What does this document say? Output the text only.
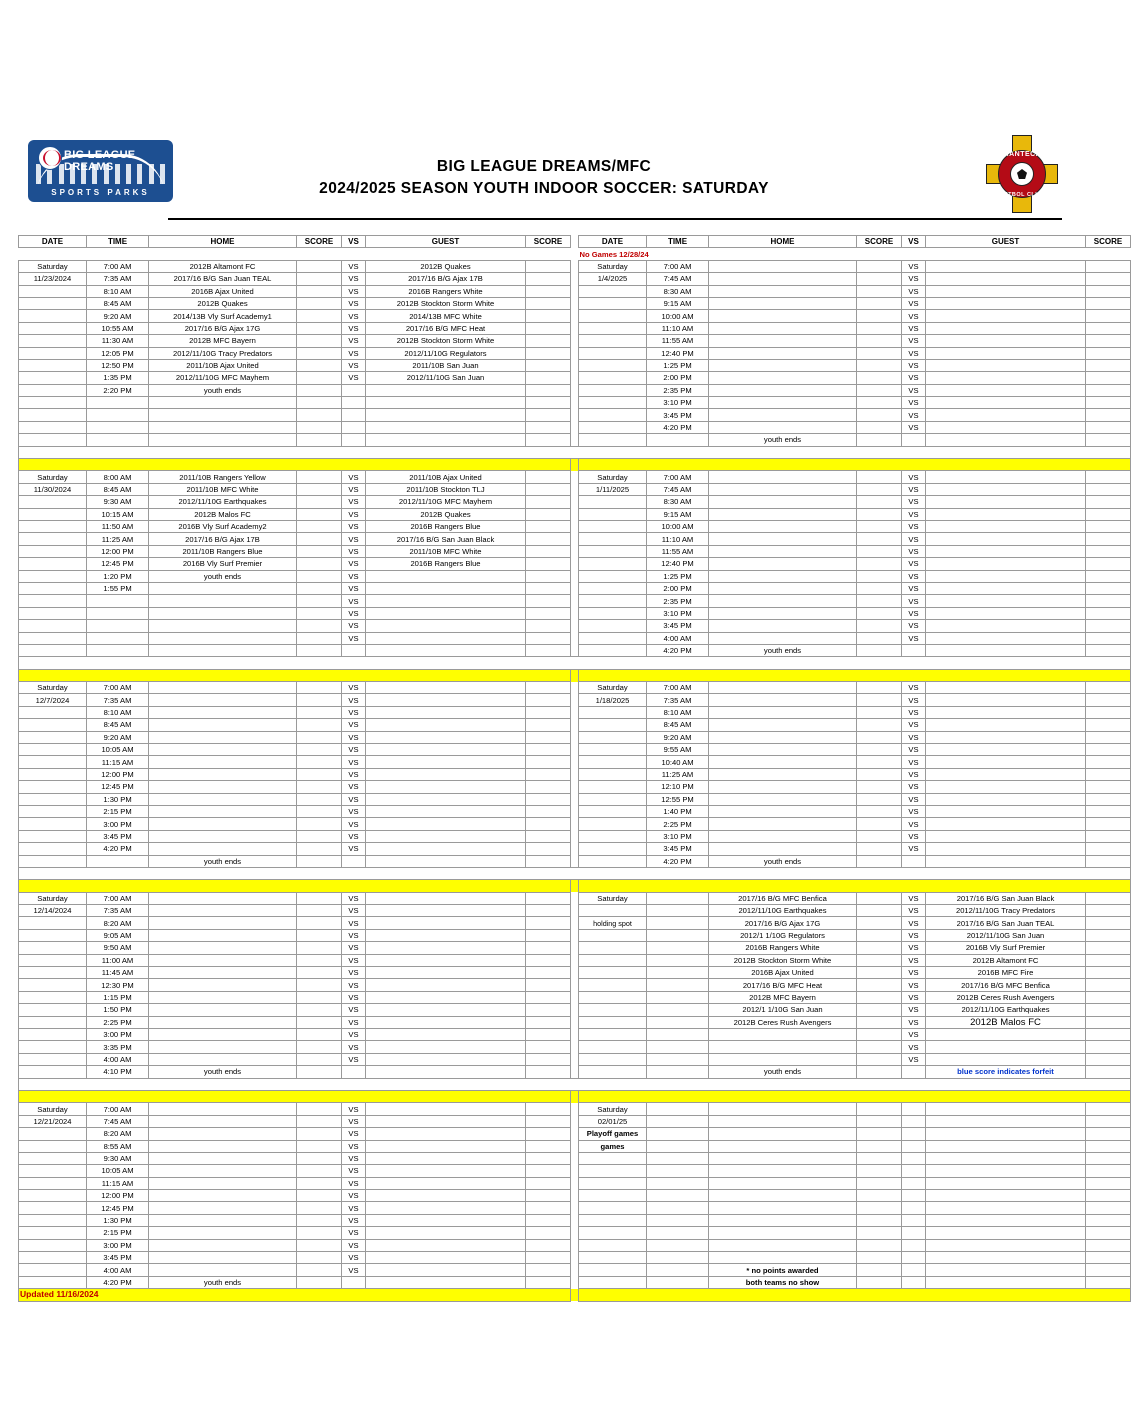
BIG LEAGUE DREAMS
SPORTS PARKS
BIG LEAGUE DREAMS/MFC
2024/2025 SEASON YOUTH INDOOR SOCCER: SATURDAY
MANTECA
FUTBOL CLUB
DATE	TIME	HOME	SCORE	VS	GUEST	SCORE		DATE	TIME	HOME	SCORE	VS	GUEST	SCORE
								No Games 12/28/24						
Saturday	7:00 AM	2012B Altamont FC		VS	2012B Quakes			Saturday	7:00 AM			VS		
11/23/2024	7:35 AM	2017/16 B/G San Juan TEAL		VS	2017/16 B/G Ajax 17B			1/4/2025	7:45 AM			VS		
	8:10 AM	2016B Ajax United		VS	2016B Rangers White				8:30 AM			VS		
	8:45 AM	2012B Quakes		VS	2012B Stockton Storm White				9:15 AM			VS		
	9:20 AM	2014/13B Vly Surf Academy1		VS	2014/13B MFC White				10:00 AM			VS		
	10:55 AM	2017/16 B/G Ajax 17G		VS	2017/16 B/G MFC Heat				11:10 AM			VS		
	11:30 AM	2012B MFC Bayern		VS	2012B Stockton Storm White				11:55 AM			VS		
	12:05 PM	2012/11/10G Tracy Predators		VS	2012/11/10G Regulators				12:40 PM			VS		
	12:50 PM	2011/10B Ajax United		VS	2011/10B San Juan				1:25 PM			VS		
	1:35 PM	2012/11/10G MFC Mayhem		VS	2012/11/10G San Juan				2:00 PM			VS		
	2:20 PM	youth ends							2:35 PM			VS		
									3:10 PM			VS		
									3:45 PM			VS		
									4:20 PM			VS		
										youth ends				

Saturday	8:00 AM	2011/10B Rangers Yellow		VS	2011/10B Ajax United			Saturday	7:00 AM			VS		
11/30/2024	8:45 AM	2011/10B MFC White		VS	2011/10B Stockton TLJ			1/11/2025	7:45 AM			VS		
	9:30 AM	2012/11/10G Earthquakes		VS	2012/11/10G MFC Mayhem				8:30 AM			VS		
	10:15 AM	2012B Malos FC		VS	2012B Quakes				9:15 AM			VS		
	11:50 AM	2016B Vly Surf Academy2		VS	2016B Rangers Blue				10:00 AM			VS		
	11:25 AM	2017/16 B/G Ajax 17B		VS	2017/16 B/G San Juan Black				11:10 AM			VS		
	12:00 PM	2011/10B Rangers Blue		VS	2011/10B MFC White				11:55 AM			VS		
	12:45 PM	2016B Vly Surf Premier		VS	2016B Rangers Blue				12:40 PM			VS		
	1:20 PM	youth ends		VS					1:25 PM			VS		
	1:55 PM			VS					2:00 PM			VS		
				VS					2:35 PM			VS		
				VS					3:10 PM			VS		
				VS					3:45 PM			VS		
				VS					4:00 AM			VS		
									4:20 PM	youth ends				

Saturday	7:00 AM			VS				Saturday	7:00 AM			VS		
12/7/2024	7:35 AM			VS				1/18/2025	7:35 AM			VS		
	8:10 AM			VS					8:10 AM			VS		
	8:45 AM			VS					8:45 AM			VS		
	9:20 AM			VS					9:20 AM			VS		
	10:05 AM			VS					9:55 AM			VS		
	11:15 AM			VS					10:40 AM			VS		
	12:00 PM			VS					11:25 AM			VS		
	12:45 PM			VS					12:10 PM			VS		
	1:30 PM			VS					12:55 PM			VS		
	2:15 PM			VS					1:40 PM			VS		
	3:00 PM			VS					2:25 PM			VS		
	3:45 PM			VS					3:10 PM			VS		
	4:20 PM			VS					3:45 PM			VS		
		youth ends							4:20 PM	youth ends				

Saturday	7:00 AM			VS				Saturday		2017/16 B/G MFC Benfica		VS	2017/16 B/G San Juan Black	
12/14/2024	7:35 AM			VS						2012/11/10G Earthquakes		VS	2012/11/10G Tracy Predators	
	8:20 AM			VS				holding spot		2017/16 B/G Ajax 17G		VS	2017/16 B/G San Juan TEAL	
	9:05 AM			VS						2012/1 1/10G Regulators		VS	2012/11/10G San Juan	
	9:50 AM			VS						2016B Rangers White		VS	2016B Vly Surf Premier	
	11:00 AM			VS						2012B Stockton Storm White		VS	2012B Altamont FC	
	11:45 AM			VS						2016B Ajax United		VS	2016B MFC Fire	
	12:30 PM			VS						2017/16 B/G MFC Heat		VS	2017/16 B/G MFC Benfica	
	1:15 PM			VS						2012B MFC Bayern		VS	2012B Ceres Rush Avengers	
	1:50 PM			VS						2012/1 1/10G San Juan		VS	2012/11/10G Earthquakes	
	2:25 PM			VS						2012B Ceres Rush Avengers		VS	2012B Malos FC	
	3:00 PM			VS								VS		
	3:35 PM			VS								VS		
	4:00 AM			VS								VS		
	4:10 PM	youth ends								youth ends			blue score indicates forfeit	

Saturday	7:00 AM			VS				Saturday						
12/21/2024	7:45 AM			VS				02/01/25						
	8:20 AM			VS				Playoff games						
	8:55 AM			VS				games						
	9:30 AM			VS										
	10:05 AM			VS										
	11:15 AM			VS										
	12:00 PM			VS										
	12:45 PM			VS										
	1:30 PM			VS										
	2:15 PM			VS										
	3:00 PM			VS										
	3:45 PM			VS										
	4:00 AM			VS						* no points awarded				
	4:20 PM	youth ends								both teams no show				
Updated 11/16/2024														
